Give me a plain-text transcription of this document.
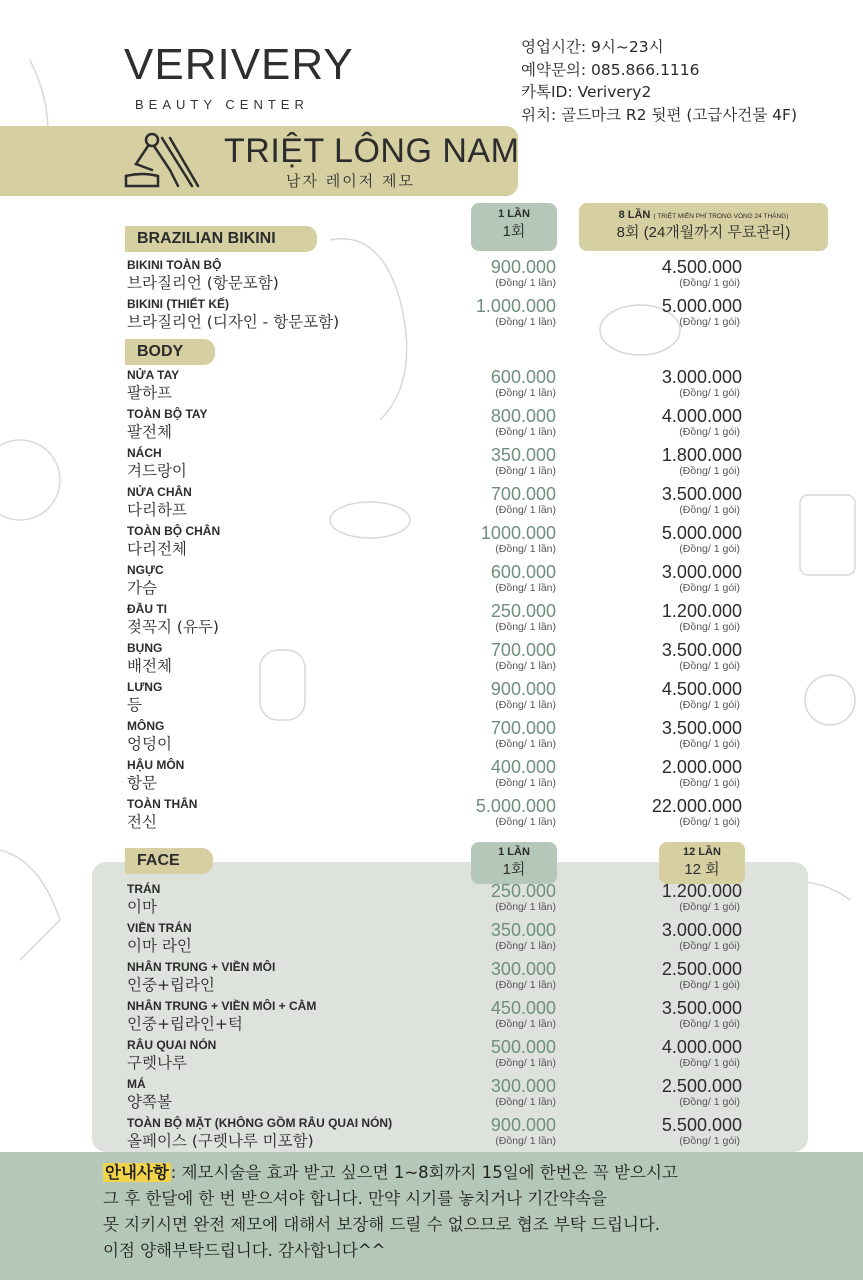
VERIVERY
BEAUTY CENTER
영업시간: 9시~23시
예약문의: 085.866.1116
카톡ID: Verivery2
위치: 골드마크 R2 뒷편 (고급사건물 4F)
TRIỆT LÔNG NAM
남자 레이저 제모
1 LẦN
1회
8 LẦN ( TRIỆT MIỄN PHÍ TRONG VÒNG 24 THÁNG)
8회 (24개월까지 무료관리)
1 LẦN
1회
12 LẦN
12 회
BRAZILIAN BIKINI
BODY
FACE
BIKINI TOÀN BỘ
브라질리언 (항문포함)
900.000
(Đồng/ 1 lần)
4.500.000
(Đồng/ 1 gói)
BIKINI (THIẾT KẾ)
브라질리언 (디자인 - 항문포함)
1.000.000
(Đồng/ 1 lần)
5.000.000
(Đồng/ 1 gói)
NỬA TAY
팔하프
600.000
(Đồng/ 1 lần)
3.000.000
(Đồng/ 1 gói)
TOÀN BỘ TAY
팔전체
800.000
(Đồng/ 1 lần)
4.000.000
(Đồng/ 1 gói)
NÁCH
겨드랑이
350.000
(Đồng/ 1 lần)
1.800.000
(Đồng/ 1 gói)
NỬA CHÂN
다리하프
700.000
(Đồng/ 1 lần)
3.500.000
(Đồng/ 1 gói)
TOÀN BỘ CHÂN
다리전체
1000.000
(Đồng/ 1 lần)
5.000.000
(Đồng/ 1 gói)
NGỰC
가슴
600.000
(Đồng/ 1 lần)
3.000.000
(Đồng/ 1 gói)
ĐẦU TI
젖꼭지 (유두)
250.000
(Đồng/ 1 lần)
1.200.000
(Đồng/ 1 gói)
BỤNG
배전체
700.000
(Đồng/ 1 lần)
3.500.000
(Đồng/ 1 gói)
LƯNG
등
900.000
(Đồng/ 1 lần)
4.500.000
(Đồng/ 1 gói)
MÔNG
엉덩이
700.000
(Đồng/ 1 lần)
3.500.000
(Đồng/ 1 gói)
HẬU MÔN
항문
400.000
(Đồng/ 1 lần)
2.000.000
(Đồng/ 1 gói)
TOÀN THÂN
전신
5.000.000
(Đồng/ 1 lần)
22.000.000
(Đồng/ 1 gói)
TRÁN
이마
250.000
(Đồng/ 1 lần)
1.200.000
(Đồng/ 1 gói)
VIỀN TRÁN
이마 라인
350.000
(Đồng/ 1 lần)
3.000.000
(Đồng/ 1 gói)
NHÂN TRUNG + VIỀN MÔI
인중+립라인
300.000
(Đồng/ 1 lần)
2.500.000
(Đồng/ 1 gói)
NHÂN TRUNG + VIỀN MÔI + CẰM
인중+립라인+턱
450.000
(Đồng/ 1 lần)
3.500.000
(Đồng/ 1 gói)
RÂU QUAI NÓN
구렛나루
500.000
(Đồng/ 1 lần)
4.000.000
(Đồng/ 1 gói)
MÁ
양쪽볼
300.000
(Đồng/ 1 lần)
2.500.000
(Đồng/ 1 gói)
TOÀN BỘ MẶT (KHÔNG GỒM RÂU QUAI NÓN)
올페이스 (구렛나루 미포함)
900.000
(Đồng/ 1 lần)
5.500.000
(Đồng/ 1 gói)
안내사항 : 제모시술을 효과 받고 싶으면 1~8회까지 15일에 한번은 꼭 받으시고
그 후 한달에 한 번 받으셔야 합니다. 만약 시기를 놓치거나 기간약속을
못 지키시면 완전 제모에 대해서 보장해 드릴 수 없으므로 협조 부탁 드립니다.
이점 양해부탁드립니다. 감사합니다^^
